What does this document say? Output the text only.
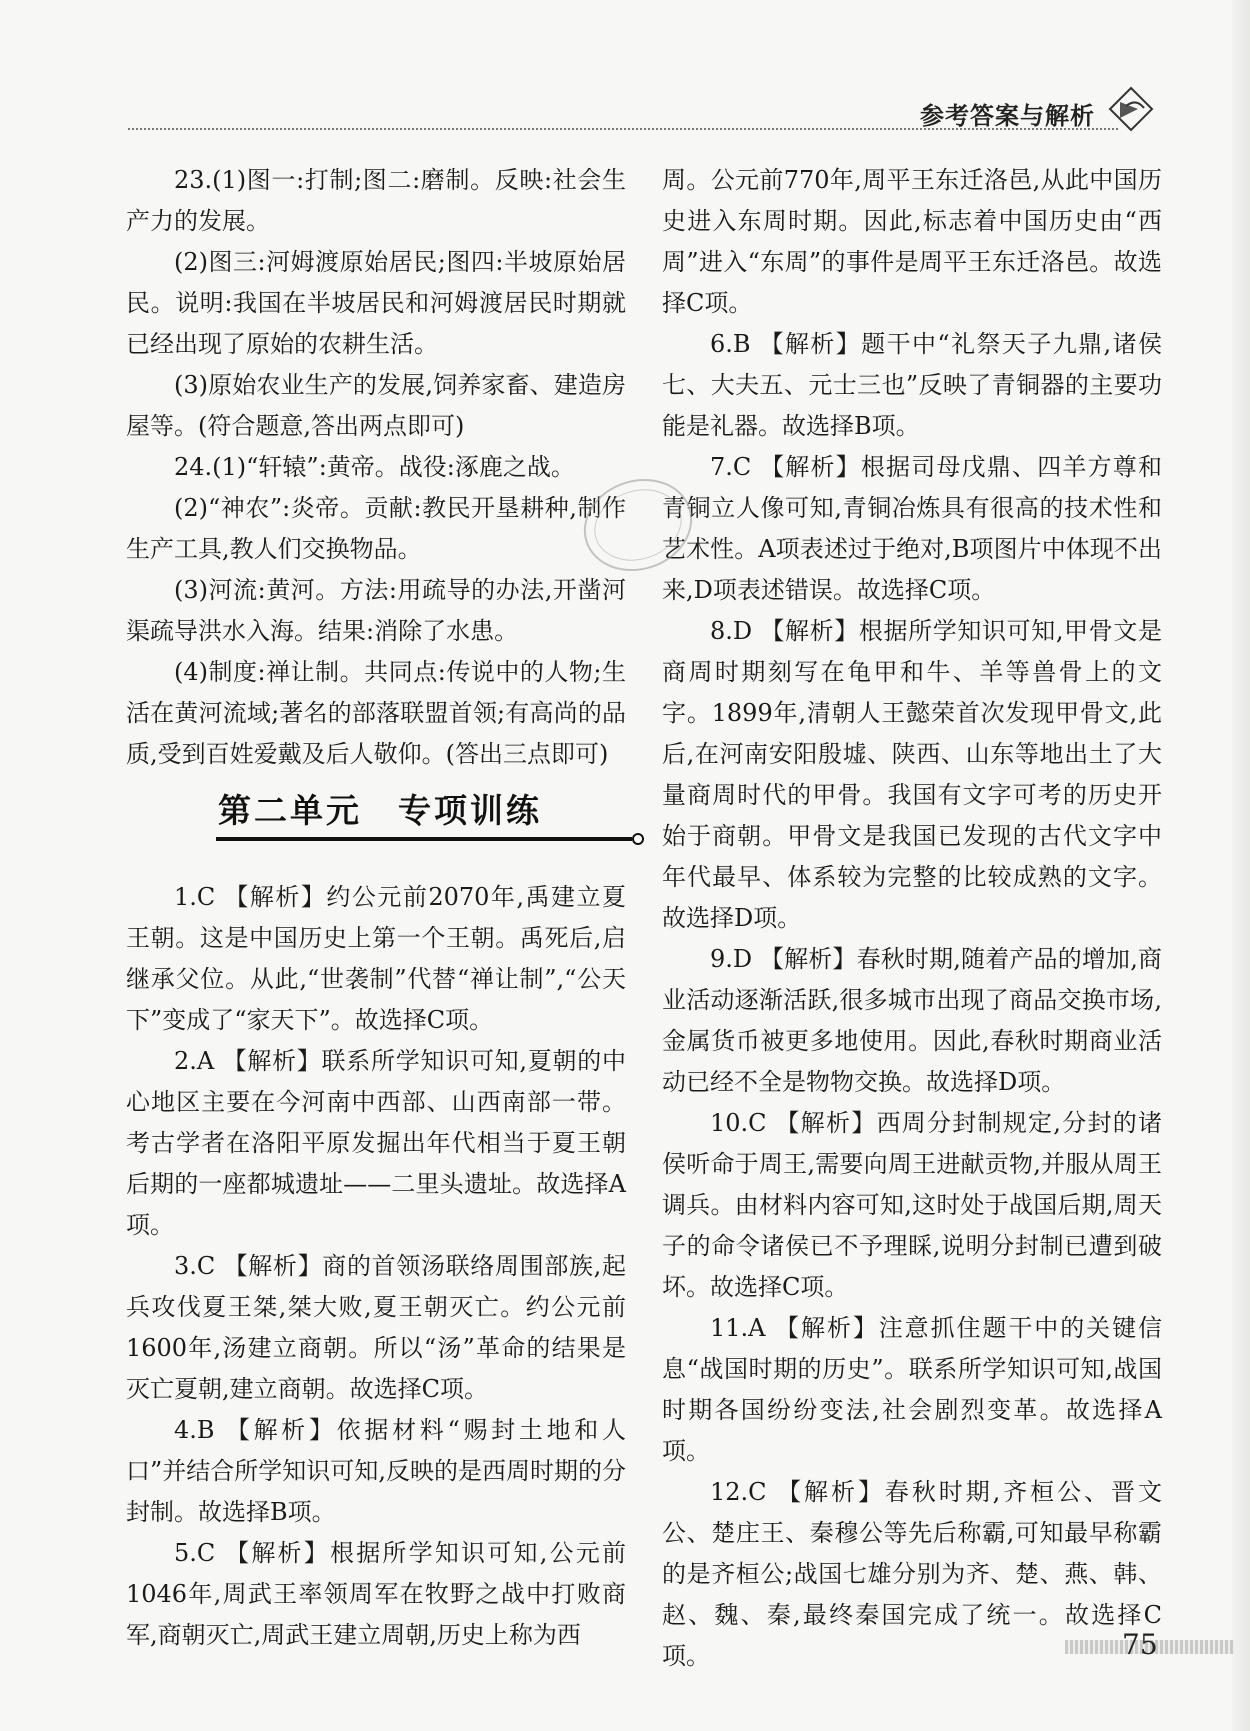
参考答案与解析

23.(1)图一:打制;图二:磨制。反映:社会生产力的发展。

(2)图三:河姆渡原始居民;图四:半坡原始居民。说明:我国在半坡居民和河姆渡居民时期就已经出现了原始的农耕生活。

(3)原始农业生产的发展,饲养家畜、建造房屋等。(符合题意,答出两点即可)

24.(1)“轩辕”:黄帝。战役:涿鹿之战。

(2)“神农”:炎帝。贡献:教民开垦耕种,制作生产工具,教人们交换物品。

(3)河流:黄河。方法:用疏导的办法,开凿河渠疏导洪水入海。结果:消除了水患。

(4)制度:禅让制。共同点:传说中的人物;生活在黄河流域;著名的部落联盟首领;有高尚的品质,受到百姓爱戴及后人敬仰。(答出三点即可)

第二单元　专项训练

1.C 【解析】约公元前2070年,禹建立夏王朝。这是中国历史上第一个王朝。禹死后,启继承父位。从此,“世袭制”代替“禅让制”,“公天下”变成了“家天下”。故选择C项。

2.A 【解析】联系所学知识可知,夏朝的中心地区主要在今河南中西部、山西南部一带。考古学者在洛阳平原发掘出年代相当于夏王朝后期的一座都城遗址——二里头遗址。故选择A项。

3.C 【解析】商的首领汤联络周围部族,起兵攻伐夏王桀,桀大败,夏王朝灭亡。约公元前1600年,汤建立商朝。所以“汤”革命的结果是灭亡夏朝,建立商朝。故选择C项。

4.B 【解析】依据材料“赐封土地和人口”并结合所学知识可知,反映的是西周时期的分封制。故选择B项。

5.C 【解析】根据所学知识可知,公元前1046年,周武王率领周军在牧野之战中打败商军,商朝灭亡,周武王建立周朝,历史上称为西

周。公元前770年,周平王东迁洛邑,从此中国历史进入东周时期。因此,标志着中国历史由“西周”进入“东周”的事件是周平王东迁洛邑。故选择C项。

6.B 【解析】题干中“礼祭天子九鼎,诸侯七、大夫五、元士三也”反映了青铜器的主要功能是礼器。故选择B项。

7.C 【解析】根据司母戊鼎、四羊方尊和青铜立人像可知,青铜冶炼具有很高的技术性和艺术性。A项表述过于绝对,B项图片中体现不出来,D项表述错误。故选择C项。

8.D 【解析】根据所学知识可知,甲骨文是商周时期刻写在龟甲和牛、羊等兽骨上的文字。1899年,清朝人王懿荣首次发现甲骨文,此后,在河南安阳殷墟、陕西、山东等地出土了大量商周时代的甲骨。我国有文字可考的历史开始于商朝。甲骨文是我国已发现的古代文字中年代最早、体系较为完整的比较成熟的文字。故选择D项。

9.D 【解析】春秋时期,随着产品的增加,商业活动逐渐活跃,很多城市出现了商品交换市场,金属货币被更多地使用。因此,春秋时期商业活动已经不全是物物交换。故选择D项。

10.C 【解析】西周分封制规定,分封的诸侯听命于周王,需要向周王进献贡物,并服从周王调兵。由材料内容可知,这时处于战国后期,周天子的命令诸侯已不予理睬,说明分封制已遭到破坏。故选择C项。

11.A 【解析】注意抓住题干中的关键信息“战国时期的历史”。联系所学知识可知,战国时期各国纷纷变法,社会剧烈变革。故选择A项。

12.C 【解析】春秋时期,齐桓公、晋文公、楚庄王、秦穆公等先后称霸,可知最早称霸的是齐桓公;战国七雄分别为齐、楚、燕、韩、赵、魏、秦,最终秦国完成了统一。故选择C项。	75
